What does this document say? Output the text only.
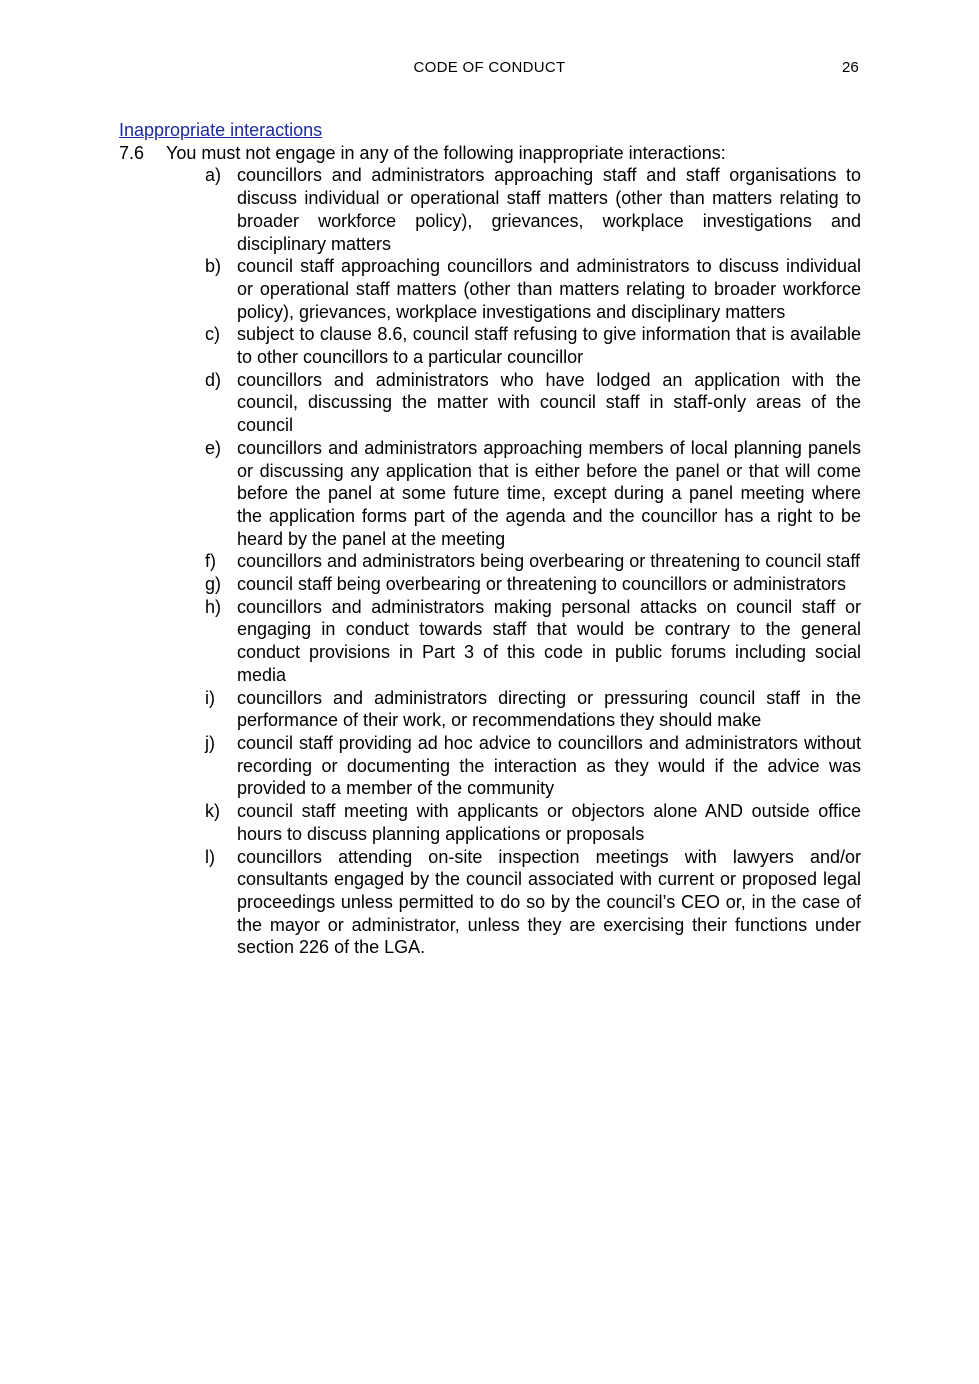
CODE OF CONDUCT	26
Inappropriate interactions
7.6	You must not engage in any of the following inappropriate interactions:
a) councillors and administrators approaching staff and staff organisations to discuss individual or operational staff matters (other than matters relating to broader workforce policy), grievances, workplace investigations and disciplinary matters
b) council staff approaching councillors and administrators to discuss individual or operational staff matters (other than matters relating to broader workforce policy), grievances, workplace investigations and disciplinary matters
c) subject to clause 8.6, council staff refusing to give information that is available to other councillors to a particular councillor
d) councillors and administrators who have lodged an application with the council, discussing the matter with council staff in staff-only areas of the council
e) councillors and administrators approaching members of local planning panels or discussing any application that is either before the panel or that will come before the panel at some future time, except during a panel meeting where the application forms part of the agenda and the councillor has a right to be heard by the panel at the meeting
f) councillors and administrators being overbearing or threatening to council staff
g) council staff being overbearing or threatening to councillors or administrators
h) councillors and administrators making personal attacks on council staff or engaging in conduct towards staff that would be contrary to the general conduct provisions in Part 3 of this code in public forums including social media
i) councillors and administrators directing or pressuring council staff in the performance of their work, or recommendations they should make
j) council staff providing ad hoc advice to councillors and administrators without recording or documenting the interaction as they would if the advice was provided to a member of the community
k) council staff meeting with applicants or objectors alone AND outside office hours to discuss planning applications or proposals
l) councillors attending on-site inspection meetings with lawyers and/or consultants engaged by the council associated with current or proposed legal proceedings unless permitted to do so by the council’s CEO or, in the case of the mayor or administrator, unless they are exercising their functions under section 226 of the LGA.
